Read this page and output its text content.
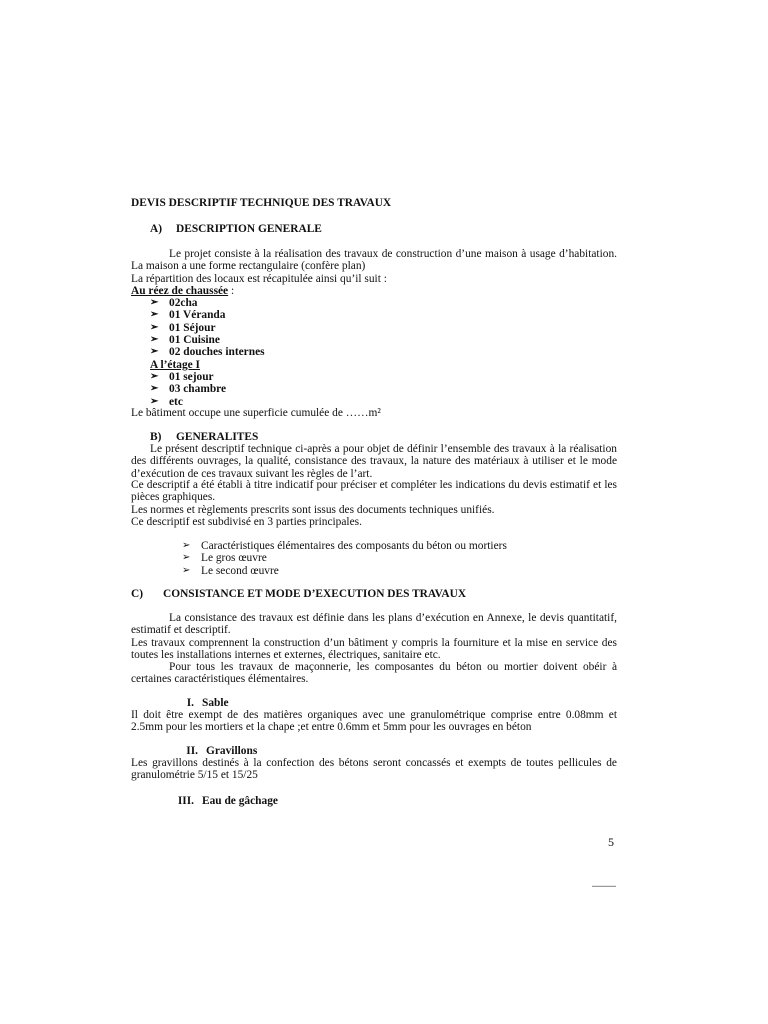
DEVIS DESCRIPTIF TECHNIQUE DES TRAVAUX

A) DESCRIPTION GENERALE

Le projet consiste à la réalisation des travaux de construction d’une maison à usage d’habitation. La maison a une forme rectangulaire (confère plan)

La répartition des locaux est récapitulée ainsi qu’il suit :

Au réez de chaussée :

➢ 02cha
➢ 01 Véranda
➢ 01 Séjour
➢ 01 Cuisine
➢ 02 douches internes

A l’étage I

➢ 01 sejour
➢ 03 chambre
➢ etc

Le bâtiment occupe une superficie cumulée de ……m²

B) GENERALITES

Le présent descriptif technique ci-après a pour objet de définir l’ensemble des travaux à la réalisation des différents ouvrages, la qualité, consistance des travaux, la nature des matériaux à utiliser et le mode d’exécution de ces travaux suivant les règles de l’art.

Ce descriptif a été établi à titre indicatif pour préciser et compléter les indications du devis estimatif et les pièces graphiques.

Les normes et règlements prescrits sont issus des documents techniques unifiés.

Ce descriptif est subdivisé en 3 parties principales.

➢ Caractéristiques élémentaires des composants du béton ou mortiers
➢ Le gros œuvre
➢ Le second œuvre

C) CONSISTANCE ET MODE D’EXECUTION DES TRAVAUX

La consistance des travaux est définie dans les plans d’exécution en Annexe, le devis quantitatif, estimatif et descriptif.

Les travaux comprennent la construction d’un bâtiment y compris la fourniture et la mise en service des toutes les installations internes et externes, électriques, sanitaire etc.

Pour tous les travaux de maçonnerie, les composantes du béton ou mortier doivent obéir à certaines caractéristiques élémentaires.

I. Sable

Il doit être exempt de des matières organiques avec une granulométrique comprise entre 0.08mm et 2.5mm pour les mortiers et la chape ;et entre 0.6mm et 5mm pour les ouvrages en béton

II. Gravillons

Les gravillons destinés à la confection des bétons seront concassés et exempts de toutes pellicules de granulométrie 5/15 et 15/25

III. Eau de gâchage

5
▬▬▬▬▬▬
